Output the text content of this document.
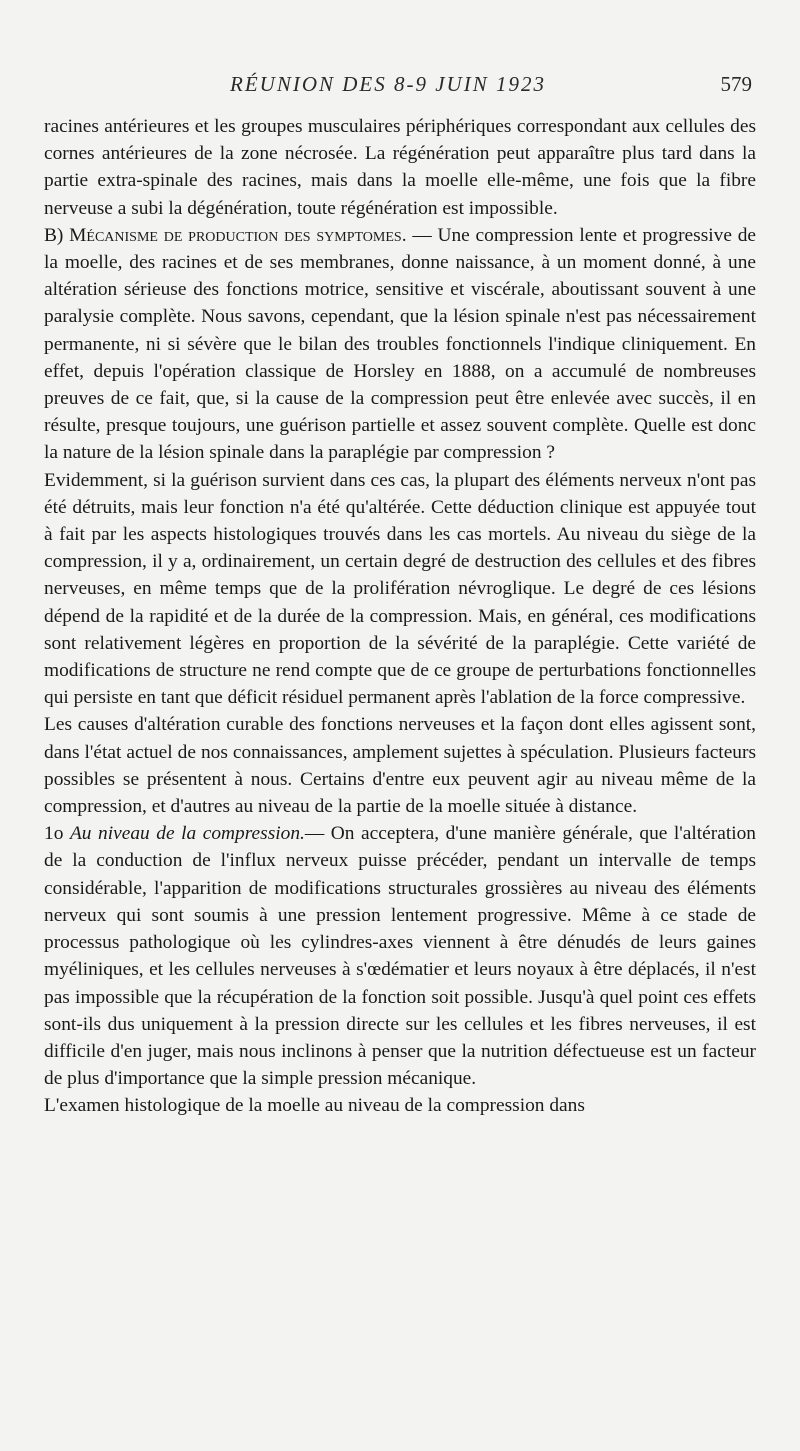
RÉUNION DES 8-9 JUIN 1923	579

racines antérieures et les groupes musculaires périphériques correspondant aux cellules des cornes antérieures de la zone nécrosée. La régénération peut apparaître plus tard dans la partie extra-spinale des racines, mais dans la moelle elle-même, une fois que la fibre nerveuse a subi la dégénération, toute régénération est impossible.

B) Mécanisme de production des symptomes. — Une compression lente et progressive de la moelle, des racines et de ses membranes, donne naissance, à un moment donné, à une altération sérieuse des fonctions motrice, sensitive et viscérale, aboutissant souvent à une paralysie complète. Nous savons, cependant, que la lésion spinale n'est pas nécessairement permanente, ni si sévère que le bilan des troubles fonctionnels l'indique cliniquement. En effet, depuis l'opération classique de Horsley en 1888, on a accumulé de nombreuses preuves de ce fait, que, si la cause de la compression peut être enlevée avec succès, il en résulte, presque toujours, une guérison partielle et assez souvent complète. Quelle est donc la nature de la lésion spinale dans la paraplégie par compression ?

Evidemment, si la guérison survient dans ces cas, la plupart des éléments nerveux n'ont pas été détruits, mais leur fonction n'a été qu'altérée. Cette déduction clinique est appuyée tout à fait par les aspects histologiques trouvés dans les cas mortels. Au niveau du siège de la compression, il y a, ordinairement, un certain degré de destruction des cellules et des fibres nerveuses, en même temps que de la prolifération névroglique. Le degré de ces lésions dépend de la rapidité et de la durée de la compression. Mais, en général, ces modifications sont relativement légères en proportion de la sévérité de la paraplégie. Cette variété de modifications de structure ne rend compte que de ce groupe de perturbations fonctionnelles qui persiste en tant que déficit résiduel permanent après l'ablation de la force compressive.

Les causes d'altération curable des fonctions nerveuses et la façon dont elles agissent sont, dans l'état actuel de nos connaissances, amplement sujettes à spéculation. Plusieurs facteurs possibles se présentent à nous. Certains d'entre eux peuvent agir au niveau même de la compression, et d'autres au niveau de la partie de la moelle située à distance.

1o Au niveau de la compression.— On acceptera, d'une manière générale, que l'altération de la conduction de l'influx nerveux puisse précéder, pendant un intervalle de temps considérable, l'apparition de modifications structurales grossières au niveau des éléments nerveux qui sont soumis à une pression lentement progressive. Même à ce stade de processus pathologique où les cylindres-axes viennent à être dénudés de leurs gaines myéliniques, et les cellules nerveuses à s'œdématier et leurs noyaux à être déplacés, il n'est pas impossible que la récupération de la fonction soit possible. Jusqu'à quel point ces effets sont-ils dus uniquement à la pression directe sur les cellules et les fibres nerveuses, il est difficile d'en juger, mais nous inclinons à penser que la nutrition défectueuse est un facteur de plus d'importance que la simple pression mécanique.

L'examen histologique de la moelle au niveau de la compression dans
